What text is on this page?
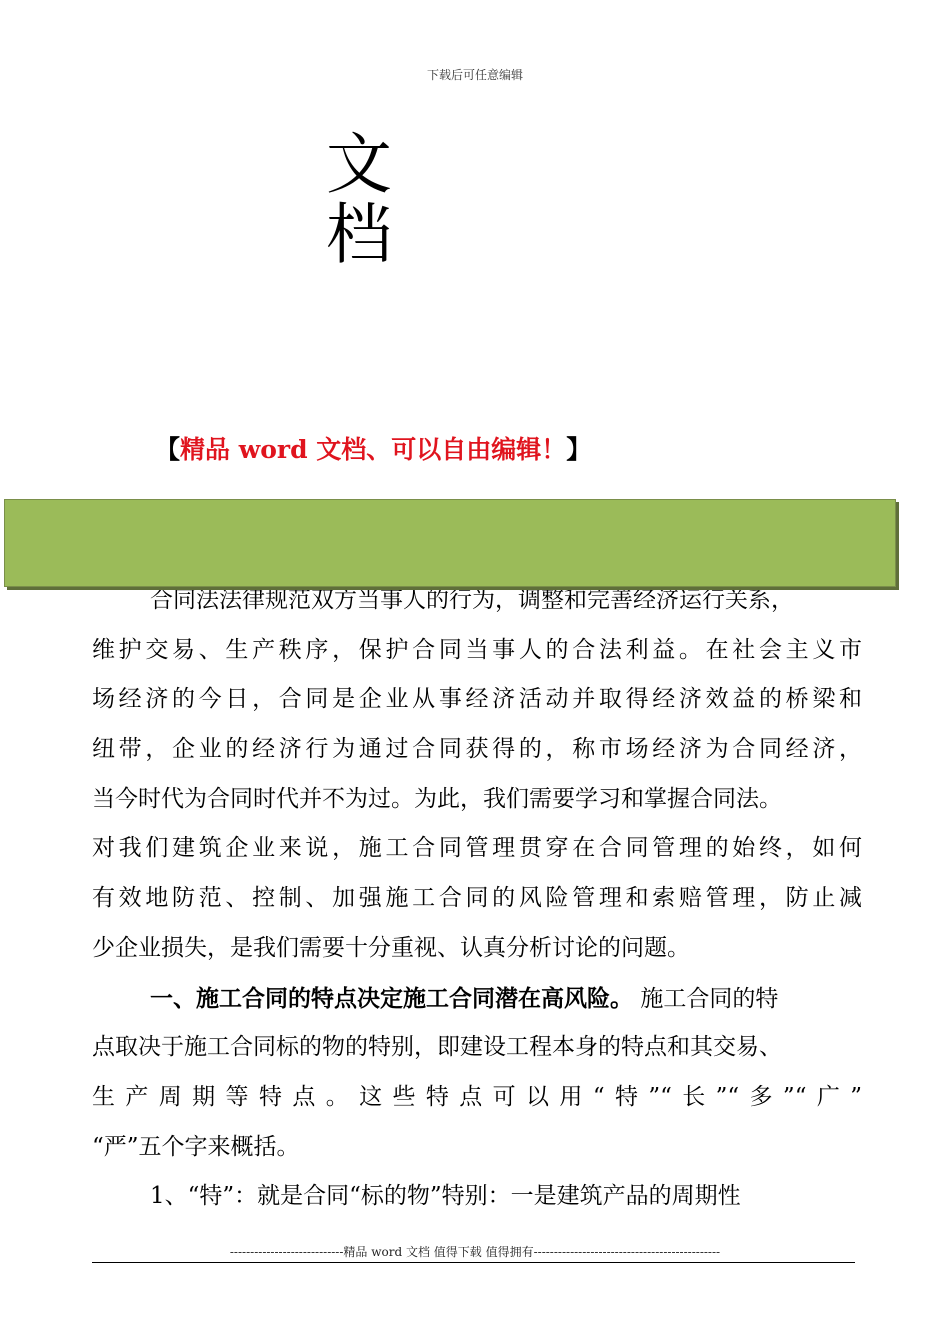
下载后可任意编辑
文
档
【精品 word 文档、可以自由编辑！】
合同法法律规范双方当事人的行为，调整和完善经济运行关系，
维护交易、生产秩序，保护合同当事人的合法利益。在社会主义市
场经济的今日，合同是企业从事经济活动并取得经济效益的桥梁和
纽带，企业的经济行为通过合同获得的，称市场经济为合同经济，
当今时代为合同时代并不为过。为此，我们需要学习和掌握合同法。
对我们建筑企业来说，施工合同管理贯穿在合同管理的始终，如何
有效地防范、控制、加强施工合同的风险管理和索赔管理，防止减
少企业损失，是我们需要十分重视、认真分析讨论的问题。
一、施工合同的特点决定施工合同潜在高风险。 施工合同的特
点取决于施工合同标的物的特别，即建设工程本身的特点和其交易、
生产周期等特点。这些特点可以用“特”“长”“多”“广”
“严”五个字来概括。
1、“特”：就是合同“标的物”特别：一是建筑产品的周期性
----------------------------精品 word 文档 值得下载 值得拥有----------------------------------------------
